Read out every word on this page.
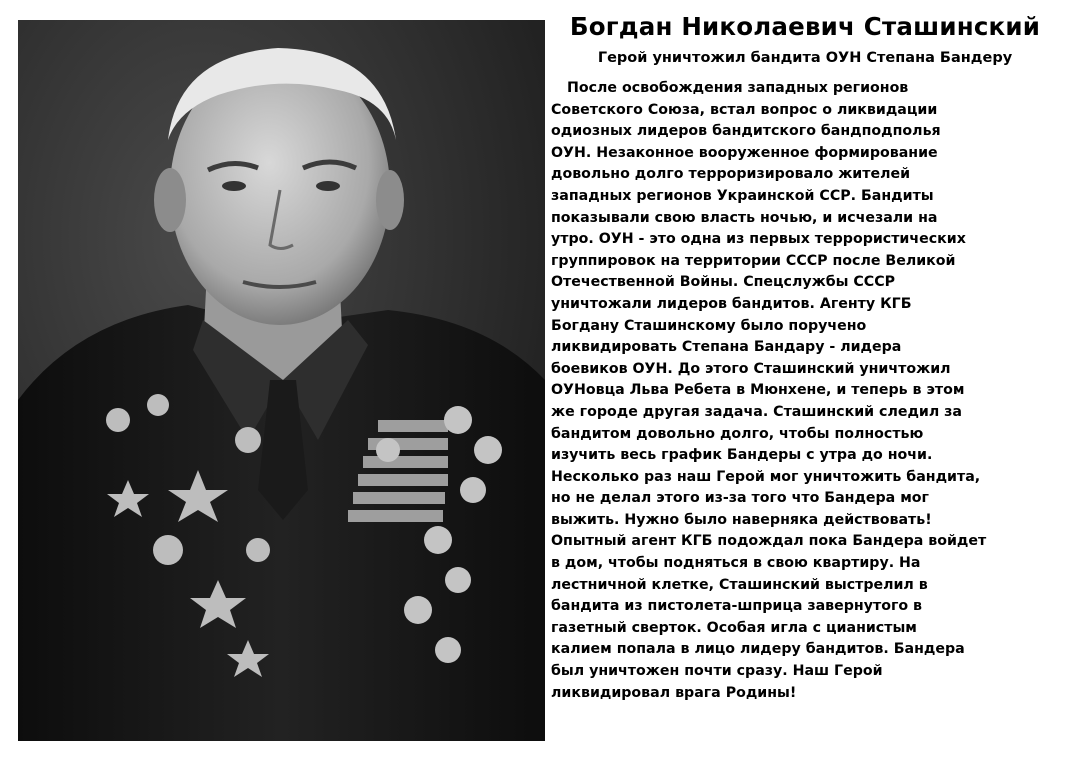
Богдан Николаевич Сташинский
Герой уничтожил бандита ОУН Степана Бандеру
После освобождения западных регионов
Советского Союза, встал вопрос о ликвидации
одиозных лидеров бандитского бандподполья
ОУН. Незаконное вооруженное формирование
довольно долго терроризировало жителей
западных регионов Украинской ССР. Бандиты
показывали свою власть ночью, и исчезали на
утро. ОУН - это одна из первых террористических
группировок на территории СССР после Великой
Отечественной Войны. Спецслужбы СССР
уничтожали лидеров бандитов. Агенту КГБ
Богдану Сташинскому было поручено
ликвидировать Степана Бандару - лидера
боевиков ОУН. До этого Сташинский уничтожил
ОУНовца Льва Ребета в Мюнхене, и теперь в этом
же городе другая задача. Сташинский следил за
бандитом довольно долго, чтобы полностью
изучить весь график Бандеры с утра до ночи.
Несколько раз наш Герой мог уничтожить бандита,
но не делал этого из-за того что Бандера мог
выжить. Нужно было наверняка действовать!
Опытный агент КГБ подождал пока Бандера войдет
в дом, чтобы подняться в свою квартиру. На
лестничной клетке, Сташинский выстрелил в
бандита из пистолета-шприца завернутого в
газетный сверток. Особая игла с цианистым
калием попала в лицо лидеру бандитов. Бандера
был уничтожен почти сразу. Наш Герой
ликвидировал врага Родины!
